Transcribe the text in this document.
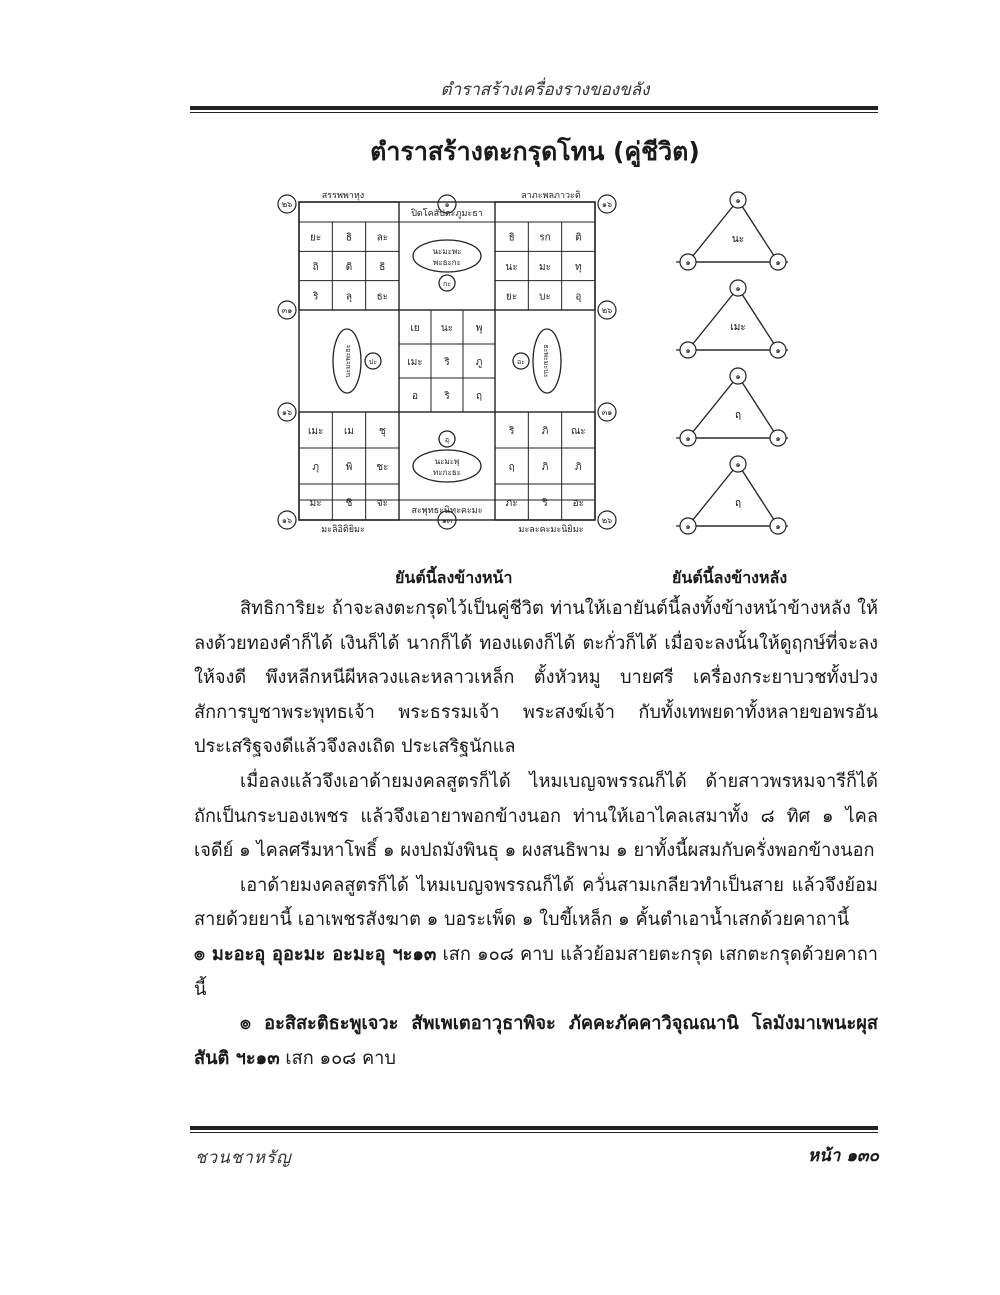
ตำราสร้างเครื่องรางของขลัง
ตำราสร้างตะกรุดโทน (คู่ชีวิต)
ยะ ธิ ละ
ถิ	ดิ	ธิ
ริ	ลุ ธะ
ธิ รก ติ
นะ มะ ทุ
ยะ บะ อุ
เมะ เม ชุ
ภุ	พิ ชะ
มะ ชิ จะ
ริ	ภิ ณะ
ฤ	ภิ	ภิ
ภะ ริ อะ
เย นะ พุ
เมะ ริ	ภู
อ	ริ	ฤ
๒๖	๑	๑๖
๓๑	๒๖
๑๖	๓๑
๑๖	๑๓	๒๖
สรรพพาหุง	ลาภะพลภาวะติ
มะลิอิติยิมะ	มะละคะมะนิยิมะ
ปิดโคสัปตะภูมะธา
สะพุทธะนิทะคะมะ
นะมะพะ
พะธะกะ
นะมะพุ
ทะกะธะ
นะมะพะธะ	ธะพะมะนะ
กะ
อุ
ปะ	อะ
๑
๑	๑
นะ
๑
๑	๑
เมะ
๑
๑	๑
ฤ
๑
๑	๑
ฤ
ยันต์นี้ลงข้างหน้า	ยันต์นี้ลงข้างหลัง

สิทธิการิยะ ถ้าจะลงตะกรุดไว้เป็นคู่ชีวิต ท่านให้เอายันต์นี้ลงทั้งข้างหน้าข้างหลัง ให้ลงด้วยทองคำก็ได้ เงินก็ได้ นากก็ได้ ทองแดงก็ได้ ตะกั่วก็ได้ เมื่อจะลงนั้นให้ดูฤกษ์ที่จะลงให้จงดี พึงหลีกหนีผีหลวงและหลาวเหล็ก ตั้งหัวหมู บายศรี เครื่องกระยาบวชทั้งปวง สักการบูชาพระพุทธเจ้า พระธรรมเจ้า พระสงฆ์เจ้า กับทั้งเทพยดาทั้งหลายขอพรอันประเสริฐจงดีแล้วจึงลงเถิด ประเสริฐนักแล

เมื่อลงแล้วจึงเอาด้ายมงคลสูตรก็ได้ ไหมเบญจพรรณก็ได้ ด้ายสาวพรหมจารีก็ได้ ถักเป็นกระบองเพชร แล้วจึงเอายาพอกข้างนอก ท่านให้เอาไคลเสมาทั้ง ๘ ทิศ ๑ ไคลเจดีย์ ๑ ไคลศรีมหาโพธิ์ ๑ ผงปถมังพินธุ ๑ ผงสนธิพาม ๑ ยาทั้งนี้ผสมกับครั่งพอกข้างนอก

เอาด้ายมงคลสูตรก็ได้ ไหมเบญจพรรณก็ได้ ควั่นสามเกลียวทำเป็นสาย แล้วจึงย้อมสายด้วยยานี้ เอาเพชรสังฆาต ๑ บอระเพ็ด ๑ ใบขี้เหล็ก ๑ คั้นตำเอาน้ำเสกด้วยคาถานี้

๏ มะอะอุ อุอะมะ อะมะอุ ฯะ๑๓ เสก ๑๐๘ คาบ แล้วย้อมสายตะกรุด เสกตะกรุดด้วยคาถานี้

๏ อะสิสะติธะพูเจวะ สัพเพเตอาวุธาพิจะ ภัคคะภัคคาวิจุณณานิ โลมังมาเพนะผุสสันติ ฯะ๑๓ เสก ๑๐๘ คาบ

ชวนชาหรัญ	หน้า ๑๓๐
